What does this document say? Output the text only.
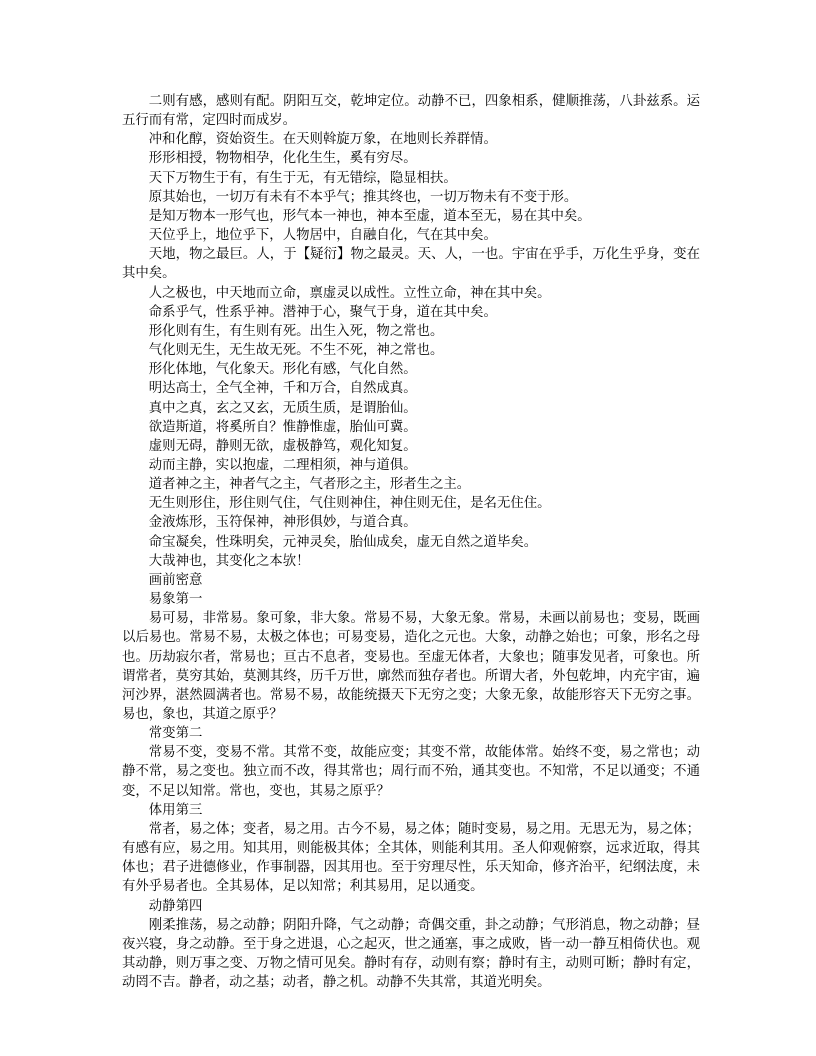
二则有感，感则有配。阴阳互交，乾坤定位。动静不已，四象相系，健顺推荡，八卦兹系。运五行而有常，定四时而成岁。

冲和化醇，资始资生。在天则斡旋万象，在地则长养群情。

形形相授，物物相孕，化化生生，奚有穷尽。

天下万物生于有，有生于无，有无错综，隐显相扶。

原其始也，一切万有未有不本乎气；推其终也，一切万物未有不变于形。

是知万物本一形气也，形气本一神也，神本至虚，道本至无，易在其中矣。

天位乎上，地位乎下，人物居中，自融自化，气在其中矣。

天地，物之最巨。人，于【疑衍】物之最灵。天、人，一也。宇宙在乎手，万化生乎身，变在其中矣。

人之极也，中天地而立命，禀虚灵以成性。立性立命，神在其中矣。

命系乎气，性系乎神。潜神于心，聚气于身，道在其中矣。

形化则有生，有生则有死。出生入死，物之常也。

气化则无生，无生故无死。不生不死，神之常也。

形化体地，气化象天。形化有感，气化自然。

明达高士，全气全神，千和万合，自然成真。

真中之真，玄之又玄，无质生质，是谓胎仙。

欲造斯道，将奚所自？惟静惟虚，胎仙可冀。

虚则无碍，静则无欲，虚极静笃，观化知复。

动而主静，实以抱虚，二理相须，神与道俱。

道者神之主，神者气之主，气者形之主，形者生之主。

无生则形住，形住则气住，气住则神住，神住则无住，是名无住住。

金液炼形，玉符保神，神形俱妙，与道合真。

命宝凝矣，性珠明矣，元神灵矣，胎仙成矣，虚无自然之道毕矣。

大哉神也，其变化之本欤！

画前密意

易象第一

易可易，非常易。象可象，非大象。常易不易，大象无象。常易，未画以前易也；变易，既画以后易也。常易不易，太极之体也；可易变易，造化之元也。大象，动静之始也；可象，形名之母也。历劫寂尔者，常易也；亘古不息者，变易也。至虚无体者，大象也；随事发见者，可象也。所谓常者，莫穷其始，莫测其终，历千万世，廓然而独存者也。所谓大者，外包乾坤，内充宇宙，遍河沙界，湛然圆满者也。常易不易，故能统摄天下无穷之变；大象无象，故能形容天下无穷之事。易也，象也，其道之原乎？

常变第二

常易不变，变易不常。其常不变，故能应变；其变不常，故能体常。始终不变，易之常也；动静不常，易之变也。独立而不改，得其常也；周行而不殆，通其变也。不知常，不足以通变；不通变，不足以知常。常也，变也，其易之原乎？

体用第三

常者，易之体；变者，易之用。古今不易，易之体；随时变易，易之用。无思无为，易之体；有感有应，易之用。知其用，则能极其体；全其体，则能利其用。圣人仰观俯察，远求近取，得其体也；君子进德修业，作事制器，因其用也。至于穷理尽性，乐天知命，修齐治平，纪纲法度，未有外乎易者也。全其易体，足以知常；利其易用，足以通变。

动静第四

刚柔推荡，易之动静；阴阳升降，气之动静；奇偶交重，卦之动静；气形消息，物之动静；昼夜兴寝，身之动静。至于身之进退，心之起灭，世之通塞，事之成败，皆一动一静互相倚伏也。观其动静，则万事之变、万物之情可见矣。静时有存，动则有察；静时有主，动则可断；静时有定，动罔不吉。静者，动之基；动者，静之机。动静不失其常，其道光明矣。
